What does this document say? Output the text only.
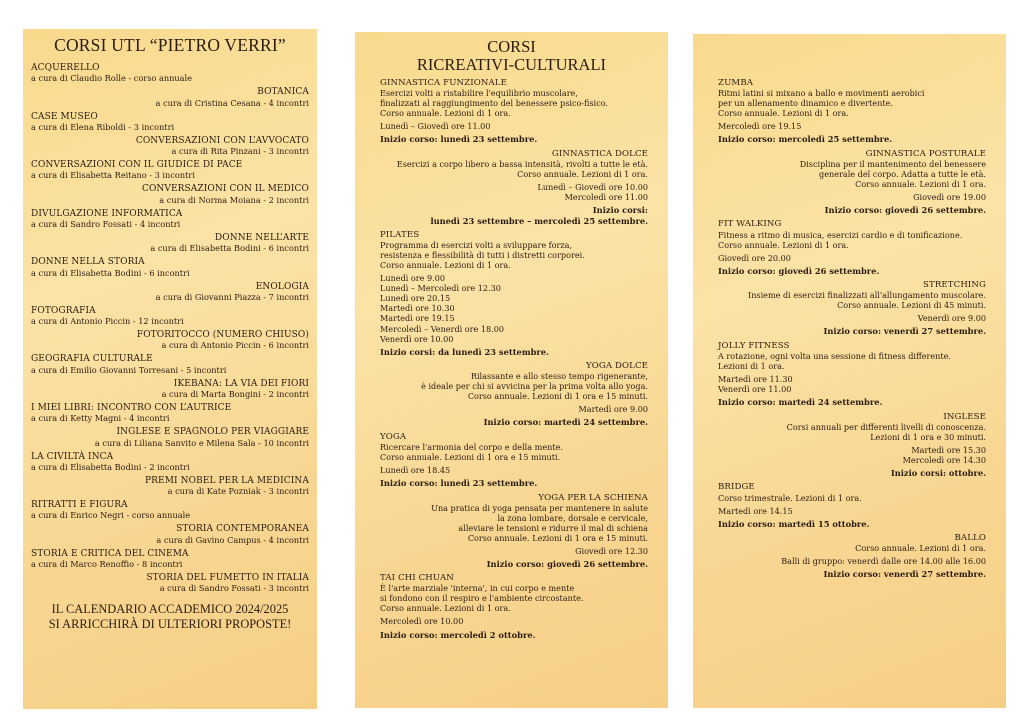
CORSI UTL “PIETRO VERRI”
ACQUERELLO
a cura di Claudio Rolle - corso annuale
BOTANICA
a cura di Cristina Cesana - 4 incontri
CASE MUSEO
a cura di Elena Riboldi - 3 incontri
CONVERSAZIONI CON L’AVVOCATO
a cura di Rita Pinzani - 3 incontri
CONVERSAZIONI CON IL GIUDICE DI PACE
a cura di Elisabetta Reitano - 3 incontri
CONVERSAZIONI CON IL MEDICO
a cura di Norma Moiana - 2 incontri
DIVULGAZIONE INFORMATICA
a cura di Sandro Fossati - 4 incontri
DONNE NELL’ARTE
a cura di Elisabetta Bodini - 6 incontri
DONNE NELLA STORIA
a cura di Elisabetta Bodini - 6 incontri
ENOLOGIA
a cura di Giovanni Piazza - 7 incontri
FOTOGRAFIA
a cura di Antonio Piccin - 12 incontri
FOTORITOCCO (NUMERO CHIUSO)
a cura di Antonio Piccin - 6 incontri
GEOGRAFIA CULTURALE
a cura di Emilio Giovanni Torresani - 5 incontri
IKEBANA: LA VIA DEI FIORI
a cura di Marta Bongini - 2 incontri
I MIEI LIBRI: INCONTRO CON L’AUTRICE
a cura di Ketty Magni - 4 incontri
INGLESE E SPAGNOLO PER VIAGGIARE
a cura di Liliana Sanvito e Milena Sala - 10 incontri
LA CIVILTÀ INCA
a cura di Elisabetta Bodini - 2 incontri
PREMI NOBEL PER LA MEDICINA
a cura di Kate Pozniak - 3 incontri
RITRATTI E FIGURA
a cura di Enrico Negri - corso annuale
STORIA CONTEMPORANEA
a cura di Gavino Campus - 4 incontri
STORIA E CRITICA DEL CINEMA
a cura di Marco Renoffio - 8 incontri
STORIA DEL FUMETTO IN ITALIA
a cura di Sandro Fossati - 3 incontri
IL CALENDARIO ACCADEMICO 2024/2025
SI ARRICCHIRÀ DI ULTERIORI PROPOSTE!
CORSI
RICREATIVI-CULTURALI
GINNASTICA FUNZIONALE
Esercizi volti a ristabilire l'equilibrio muscolare,
finalizzati al raggiungimento del benessere psico-fisico.
Corso annuale. Lezioni di 1 ora.
Lunedì – Giovedì ore 11.00
Inizio corso: lunedì 23 settembre.
GINNASTICA DOLCE
Esercizi a corpo libero a bassa intensità, rivolti a tutte le età.
Corso annuale. Lezioni di 1 ora.
Lunedì – Giovedì ore 10.00
Mercoledì ore 11.00
Inizio corsi:
lunedì 23 settembre – mercoledì 25 settembre.
PILATES
Programma di esercizi volti a sviluppare forza,
resistenza e flessibilità di tutti i distretti corporei.
Corso annuale. Lezioni di 1 ora.
Lunedì ore 9.00
Lunedì – Mercoledì ore 12.30
Lunedì ore 20.15
Martedì ore 10.30
Martedì ore 19.15
Mercoledì – Venerdì ore 18.00
Venerdì ore 10.00
Inizio corsi: da lunedì 23 settembre.
YOGA DOLCE
Rilassante e allo stesso tempo rigenerante,
è ideale per chi si avvicina per la prima volta allo yoga.
Corso annuale. Lezioni di 1 ora e 15 minuti.
Martedì ore 9.00
Inizio corso: martedì 24 settembre.
YOGA
Ricercare l'armonia del corpo e della mente.
Corso annuale. Lezioni di 1 ora e 15 minuti.
Lunedì ore 18.45
Inizio corso: lunedì 23 settembre.
YOGA PER LA SCHIENA
Una pratica di yoga pensata per mantenere in salute
la zona lombare, dorsale e cervicale,
alleviare le tensioni e ridurre il mal di schiena
Corso annuale. Lezioni di 1 ora e 15 minuti.
Giovedì ore 12.30
Inizio corso: giovedì 26 settembre.
TAI CHI CHUAN
È l'arte marziale 'interna', in cui corpo e mente
si fondono con il respiro e l'ambiente circostante.
Corso annuale. Lezioni di 1 ora.
Mercoledì ore 10.00
Inizio corso: mercoledì 2 ottobre.
ZUMBA
Ritmi latini si mixano a ballo e movimenti aerobici
per un allenamento dinamico e divertente.
Corso annuale. Lezioni di 1 ora.
Mercoledì ore 19.15
Inizio corso: mercoledì 25 settembre.
GINNASTICA POSTURALE
Disciplina per il mantenimento del benessere
generale del corpo. Adatta a tutte le età.
Corso annuale. Lezioni di 1 ora.
Giovedì ore 19.00
Inizio corso: giovedì 26 settembre.
FIT WALKING
Fitness a ritmo di musica, esercizi cardio e di tonificazione.
Corso annuale. Lezioni di 1 ora.
Giovedì ore 20.00
Inizio corso: giovedì 26 settembre.
STRETCHING
Insieme di esercizi finalizzati all'allungamento muscolare.
Corso annuale. Lezioni di 45 minuti.
Venerdì ore 9.00
Inizio corso: venerdì 27 settembre.
JOLLY FITNESS
A rotazione, ogni volta una sessione di fitness differente.
Lezioni di 1 ora.
Martedì ore 11.30
Venerdì ore 11.00
Inizio corso: martedì 24 settembre.
INGLESE
Corsi annuali per differenti livelli di conoscenza.
Lezioni di 1 ora e 30 minuti.
Martedì ore 15.30
Mercoledì ore 14.30
Inizio corsi: ottobre.
BRIDGE
Corso trimestrale. Lezioni di 1 ora.
Martedì ore 14.15
Inizio corso: martedì 15 ottobre.
BALLO
Corso annuale. Lezioni di 1 ora.
Balli di gruppo: venerdì dalle ore 14.00 alle 16.00
Inizio corso: venerdì 27 settembre.
